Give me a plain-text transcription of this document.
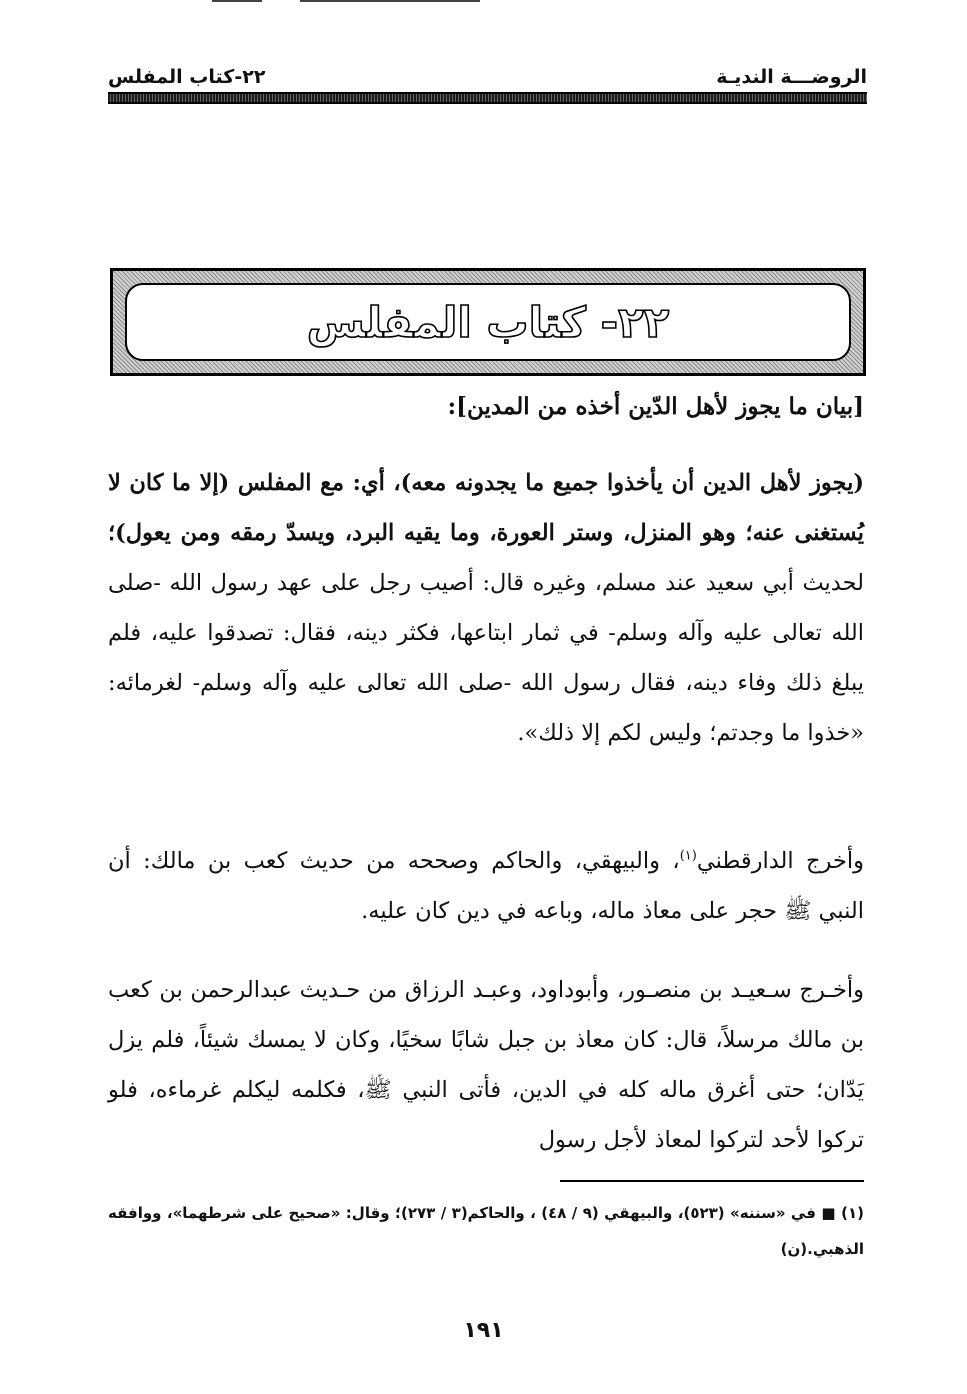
الروضـــة النديـة
٢٢-كتاب المفلس
٢٢- كتاب المفلس
[بيان ما يجوز لأهل الدّين أخذه من المدين]:
(يجوز لأهل الدين أن يأخذوا جميع ما يجدونه معه)، أي: مع المفلس (إلا ما كان لا يُستغنى عنه؛ وهو المنزل، وستر العورة، وما يقيه البرد، ويسدّ رمقه ومن يعول)؛ لحديث أبي سعيد عند مسلم، وغيره قال: أصيب رجل على عهد رسول الله -صلى الله تعالى عليه وآله وسلم- في ثمار ابتاعها، فكثر دينه، فقال: تصدقوا عليه، فلم يبلغ ذلك وفاء دينه، فقال رسول الله -صلى الله تعالى عليه وآله وسلم- لغرمائه: «خذوا ما وجدتم؛ وليس لكم إلا ذلك».
وأخرج الدارقطني$^{(١)}$، والبيهقي، والحاكم وصححه من حديث كعب بن مالك: أن النبي ﷺ حجر على معاذ ماله، وباعه في دين كان عليه.
وأخـرج سـعيـد بن منصـور، وأبوداود، وعبـد الرزاق من حـديث عبدالرحمن بن كعب بن مالك مرسلاً، قال: كان معاذ بن جبل شابًا سخيًا، وكان لا يمسك شيئاً، فلم يزل يَدّان؛ حتى أغرق ماله كله في الدين، فأتى النبي ﷺ، فكلمه ليكلم غرماءه، فلو تركوا لأحد لتركوا لمعاذ لأجل رسول
(١) ■ في «سننه» (٥٢٣)، والبيهقي (٩ / ٤٨) ، والحاكم(٣ / ٢٧٣)؛ وقال: «صحيح على شرطهما»، ووافقه الذهبي.(ن)
١٩١
